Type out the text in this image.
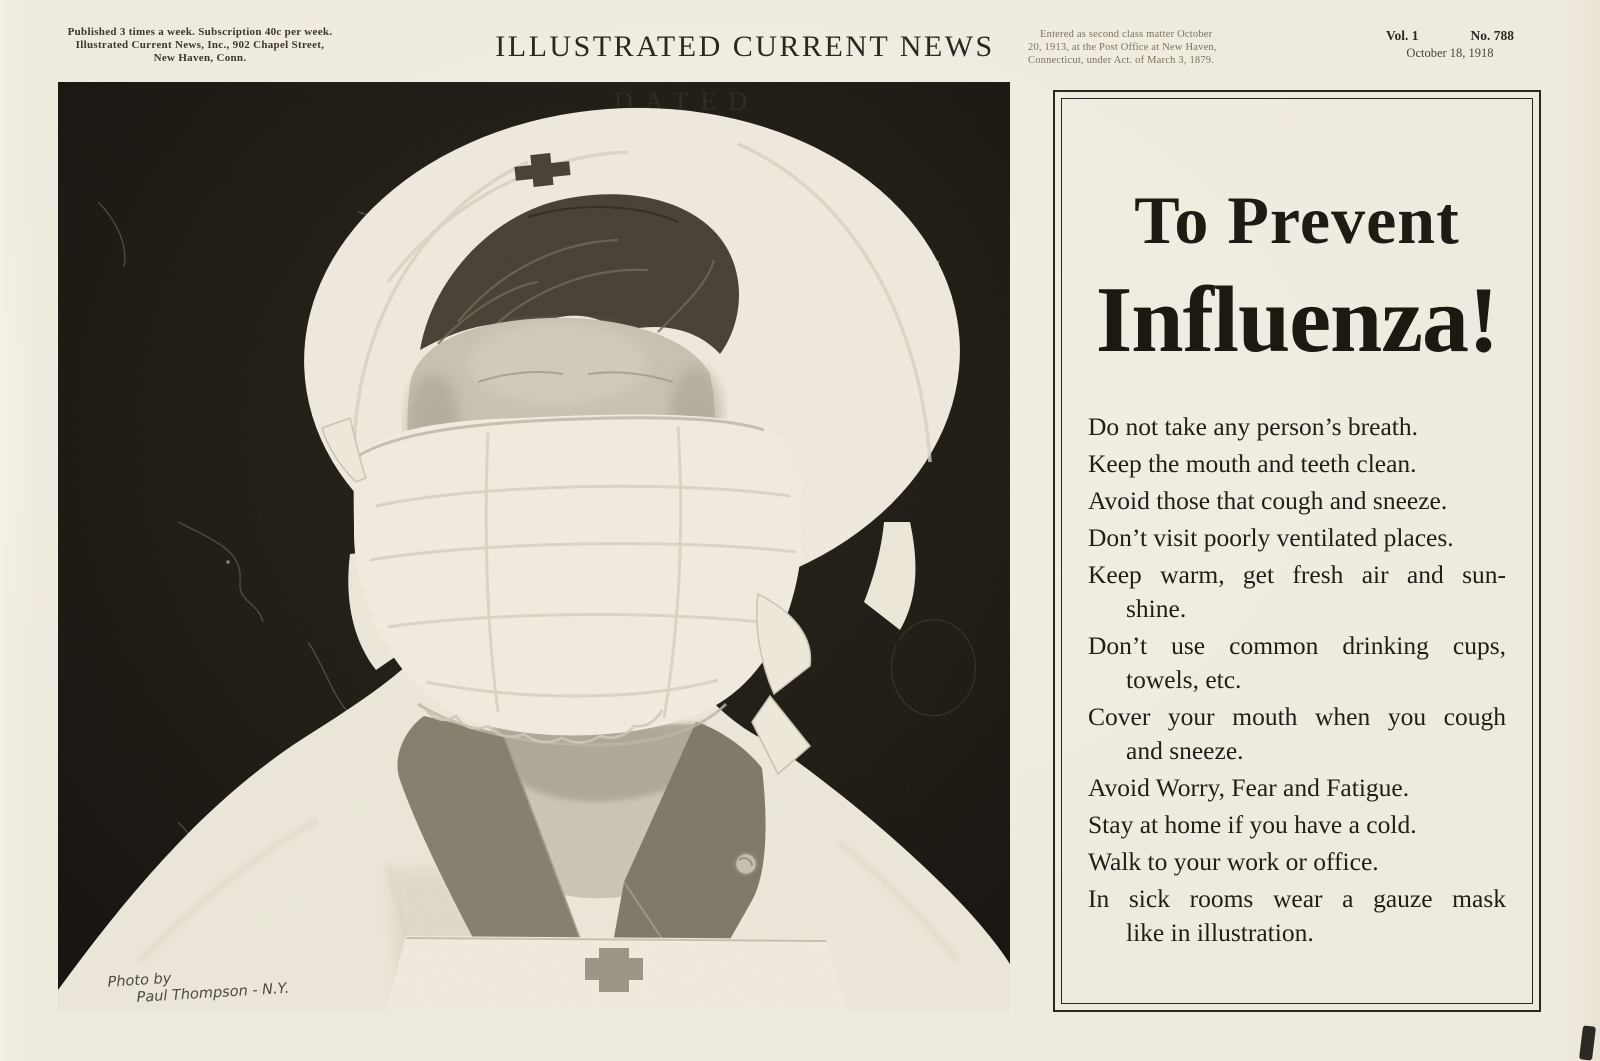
Published 3 times a week. Subscription 40c per week.
Illustrated Current News, Inc., 902 Chapel Street,
New Haven, Conn.	ILLUSTRATED CURRENT NEWS	Entered as second class matter October
20, 1913, at the Post Office at New Haven,
Connecticut, under Act. of March 3, 1879.
Vol. 1	No. 788
October 18, 1918
DATED
Photo by
Paul Thompson - N.Y.
To Prevent
Influenza!
Do not take any person’s breath.
Keep the mouth and teeth clean.
Avoid those that cough and sneeze.
Don’t visit poorly ventilated places.
Keep warm, get fresh air and sun-
shine.
Don’t use common drinking cups,
towels, etc.
Cover your mouth when you cough
and sneeze.
Avoid Worry, Fear and Fatigue.
Stay at home if you have a cold.
Walk to your work or office.
In sick rooms wear a gauze mask
like in illustration.
